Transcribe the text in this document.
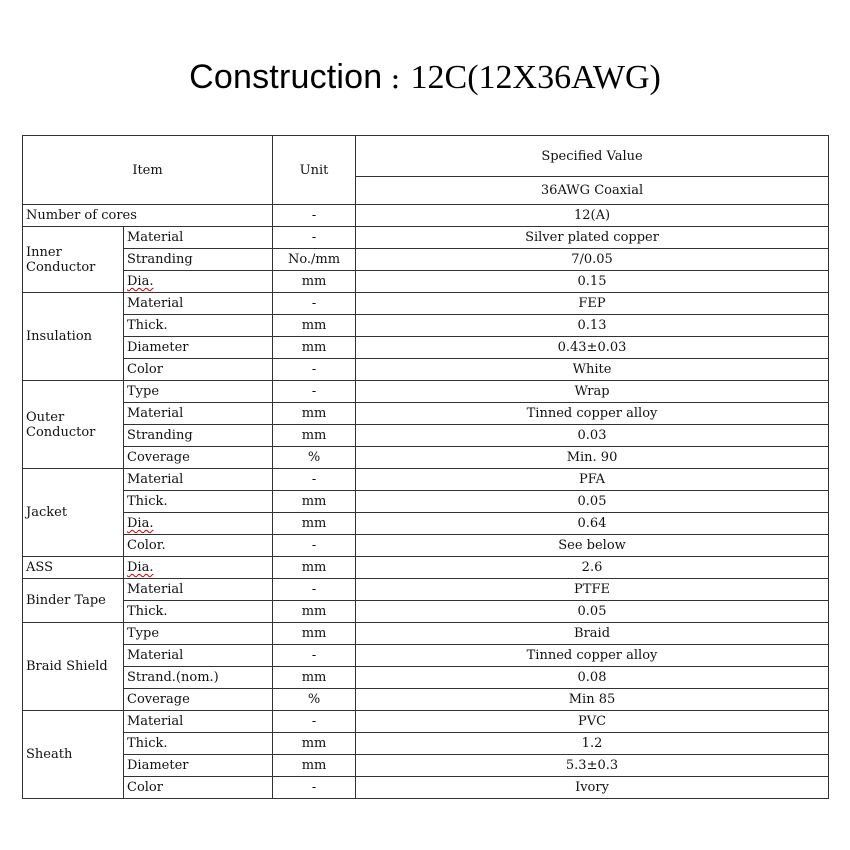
Construction : 12C(12X36AWG)
Item		Unit	Specified Value
			36AWG Coaxial
Number of cores		-	12(A)
Inner Conductor	Material	-	Silver plated copper
	Stranding	No./mm	7/0.05
	Dia.	mm	0.15
Insulation	Material	-	FEP
	Thick.	mm	0.13
	Diameter	mm	0.43±0.03
	Color	-	White
Outer Conductor	Type	-	Wrap
	Material	mm	Tinned copper alloy
	Stranding	mm	0.03
	Coverage	%	Min. 90
Jacket	Material	-	PFA
	Thick.	mm	0.05
	Dia.	mm	0.64
	Color.	-	See below
ASS	Dia.	mm	2.6
Binder Tape	Material	-	PTFE
	Thick.	mm	0.05
Braid Shield	Type	mm	Braid
	Material	-	Tinned copper alloy
	Strand.(nom.)	mm	0.08
	Coverage	%	Min 85
Sheath	Material	-	PVC
	Thick.	mm	1.2
	Diameter	mm	5.3±0.3
	Color	-	Ivory
